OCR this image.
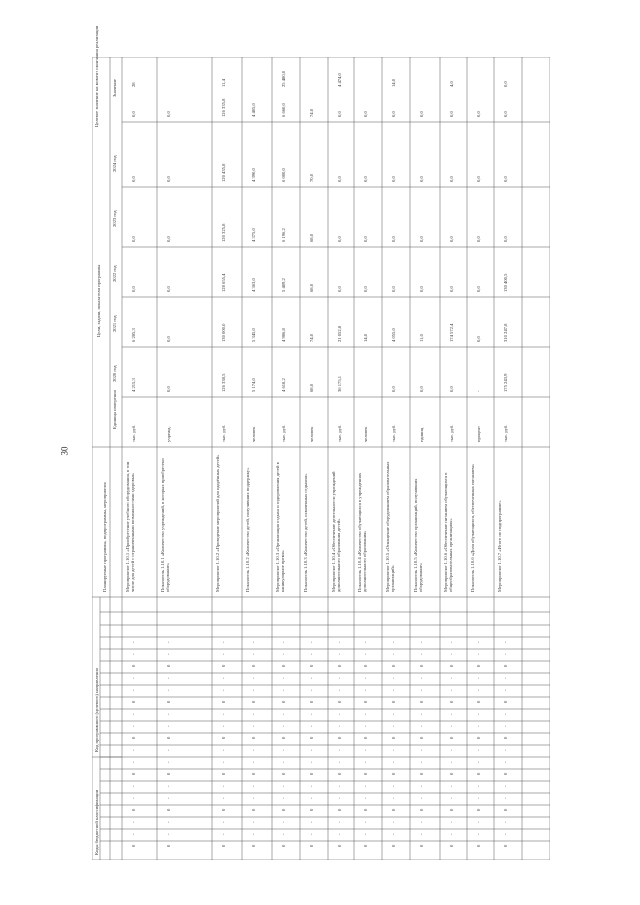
30
Целевое значение на момент окончания реализации	Значение
Цели, задачи, показатели программы
2024 год
2023 год
2022 год
2021 год
2020 год
Единица измерения
Планируемые программы, подпрограммы, мероприятия
Код программного (целевого) направления
Коды бюджетной классификации
Мероприятие 1.10.1 «Приобретение учебного оборудования, в том числе для детей с ограниченными возможностями здоровья»
тыс. руб.
4 215,3
6 285,3
0,0
0,0
0,0
0,0
28
0
-
-
0
-
-
0
-
-
0
-
-
0
-
-
0
-
-
Показатель 1.10.1 «Количество учреждений, в которых приобретено оборудование»
учрежд.
0,0
0,0
0,0
0,0
0,0
0,0
0
-
-
0
-
-
0
-
-
0
-
-
0
-
-
0
-
-
Мероприятие 1.10.2 «Проведение мероприятий для одарённых детей»
тыс. руб.
126 338,5
130 000,0
128 655,4
120 325,8
120 435,8
126 335,8
11,4
0
-
-
0
-
-
0
-
-
0
-
-
0
-
-
0
-
-
Показатель 1.10.2 «Количество детей, получивших поддержку»
человек
5 174,0
5 345,0
4 363,0
4 375,0
4 390,0
4 405,0
0
-
-
0
-
-
0
-
-
0
-
-
0
-
-
0
-
-
Мероприятие 1.10.3 «Организация отдыха и оздоровления детей в каникулярное время»
тыс. руб.
4 618,2
4 986,8
5 409,2
6 196,2
6 000,0
6 660,0
25 480,0
0
-
-
0
-
-
0
-
-
0
-
-
0
-
-
0
-
-
Показатель 1.10.3 «Количество детей, охваченных отдыхом»
человек
68,0
74,0
68,0
68,0
70,0
74,0
0
-
-
0
-
-
0
-
-
0
-
-
0
-
-
0
-
-
Мероприятие 1.10.4 «Обеспечение деятельности учреждений дополнительного образования детей»
тыс. руб.
36 175,1
21 052,8
0,0
0,0
0,0
0,0
4 474,0
0
-
-
0
-
-
0
-
-
0
-
-
0
-
-
0
-
-
Показатель 1.10.4 «Количество обучающихся в учреждениях дополнительного образования»
человек
14,0
0,0
0,0
0,0
0,0
0
-
-
0
-
-
0
-
-
0
-
-
0
-
-
0
-
-
Мероприятие 1.10.5 «Оснащение оборудованием образовательных организаций»
тыс. руб.
0,0
4 055,0
0,0
0,0
0,0
0,0
14,0
0
-
-
0
-
-
0
-
-
0
-
-
0
-
-
0
-
-
Показатель 1.10.5 «Количество организаций, получивших оборудование»
единиц
0,0
11,0
0,0
0,0
0,0
0,0
0
-
-
0
-
-
0
-
-
0
-
-
0
-
-
0
-
-
Мероприятие 1.10.6 «Обеспечение питанием обучающихся в общеобразовательных организациях»
тыс. руб.
0,0
174 572,4
0,0
0,0
0,0
0,0
4,0
0
-
-
0
-
-
0
-
-
0
-
-
0
-
-
0
-
-
Показатель 1.10.6 «Доля обучающихся, обеспеченных питанием»
процент
-
0,0
0,0
0,0
0,0
0,0
0
-
-
0
-
-
0
-
-
0
-
-
0
-
-
0
-
-
Мероприятие 1.10.7 «Итого по подпрограмме»
тыс. руб.
175 243,9
310 247,8
130 400,5
0,0
0,0
0,0
0,0
0
-
-
0
-
-
0
-
-
0
-
-
0
-
-
0
-
-
